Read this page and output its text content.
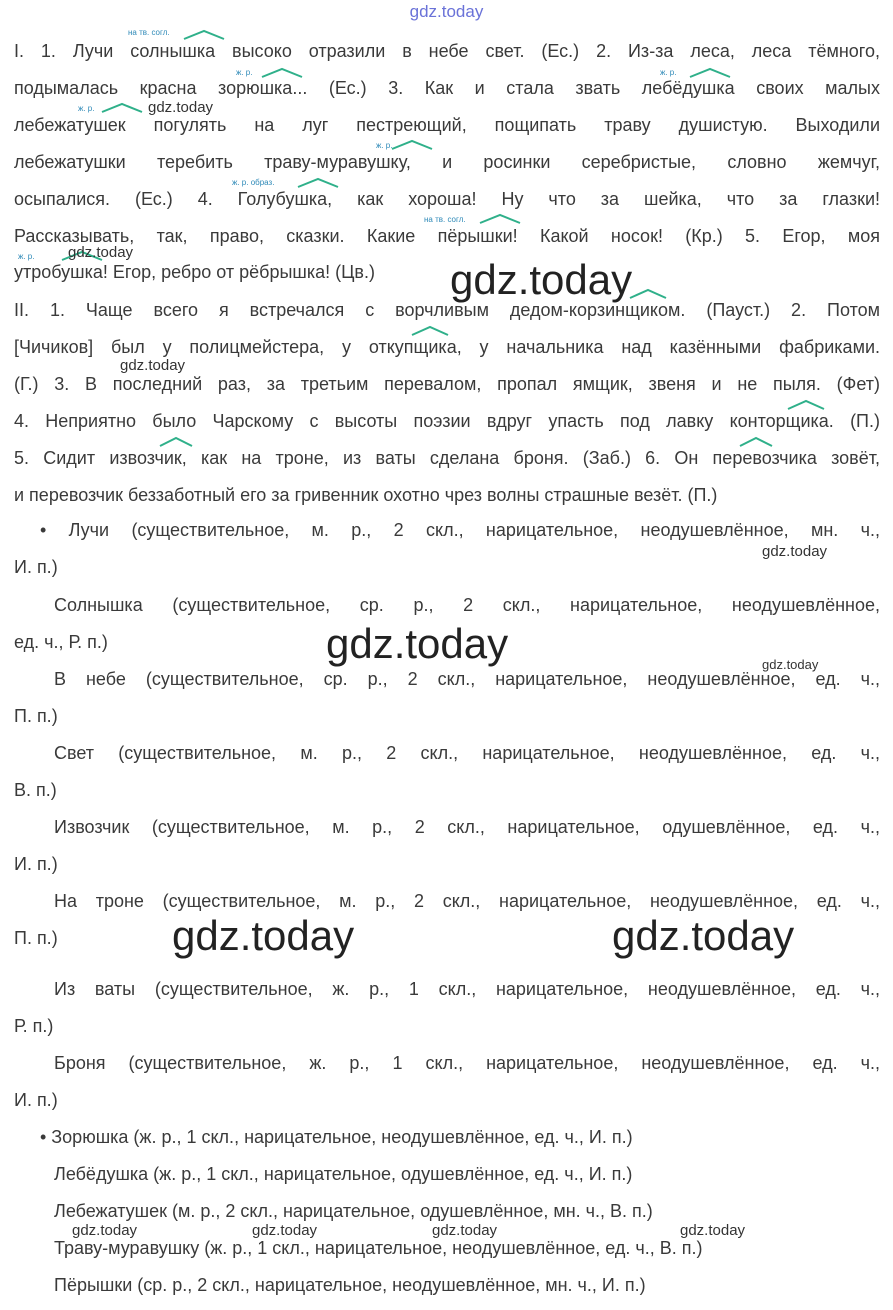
gdz.today
I. 1. Лучи солнышка высоко отразили в небе свет. (Ес.) 2. Из-за леса, леса тёмного,
подымалась красна зорюшка... (Ес.) 3. Как и стала звать лебёдушка своих малых
лебежатушек погулять на луг пестреющий, пощипать траву душистую. Выходили
лебежатушки теребить траву-муравушку, и росинки серебристые, словно жемчуг,
осыпалися. (Ес.) 4. Голубушка, как хороша! Ну что за шейка, что за глазки!
Рассказывать, так, право, сказки. Какие пёрышки! Какой носок! (Кр.) 5. Егор, моя
утробушка! Егор, ребро от рёбрышка! (Цв.)
на тв. согл.
ж. р.	ж. р.
ж. р.
ж. р.
ж. р. образ.
на тв. согл.
ж. р.
II. 1. Чаще всего я встречался с ворчливым дедом-корзинщиком. (Пауст.) 2. Потом
[Чичиков] был у полицмейстера, у откупщика, у начальника над казёнными фабриками.
(Г.) 3. В последний раз, за третьим перевалом, пропал ямщик, звеня и не пыля. (Фет)
4. Неприятно было Чарскому с высоты поэзии вдруг упасть под лавку конторщика. (П.)
5. Сидит извозчик, как на троне, из ваты сделана броня. (Заб.) 6. Он перевозчика зовёт,
и перевозчик беззаботный его за гривенник охотно чрез волны страшные везёт. (П.)
• Лучи (существительное, м. р., 2 скл., нарицательное, неодушевлённое, мн. ч.,
И. п.)
Солнышка (существительное, ср. р., 2 скл., нарицательное, неодушевлённое,
ед. ч., Р. п.)
В небе (существительное, ср. р., 2 скл., нарицательное, неодушевлённое, ед. ч.,
П. п.)
Свет (существительное, м. р., 2 скл., нарицательное, неодушевлённое, ед. ч.,
В. п.)
Извозчик (существительное, м. р., 2 скл., нарицательное, одушевлённое, ед. ч.,
И. п.)
На троне (существительное, м. р., 2 скл., нарицательное, неодушевлённое, ед. ч.,
П. п.)
Из ваты (существительное, ж. р., 1 скл., нарицательное, неодушевлённое, ед. ч.,
Р. п.)
Броня (существительное, ж. р., 1 скл., нарицательное, неодушевлённое, ед. ч.,
И. п.)
• Зорюшка (ж. р., 1 скл., нарицательное, неодушевлённое, ед. ч., И. п.)
Лебёдушка (ж. р., 1 скл., нарицательное, одушевлённое, ед. ч., И. п.)
Лебежатушек (м. р., 2 скл., нарицательное, одушевлённое, мн. ч., В. п.)
Траву-муравушку (ж. р., 1 скл., нарицательное, неодушевлённое, ед. ч., В. п.)
Пёрышки (ср. р., 2 скл., нарицательное, неодушевлённое, мн. ч., И. п.)
gdz.today
gdz.today
gdz.today	gdz.today
gdz.today
gdz.today
gdz.today
gdz.today
gdz.today
gdz.today	gdz.today	gdz.today	gdz.today
